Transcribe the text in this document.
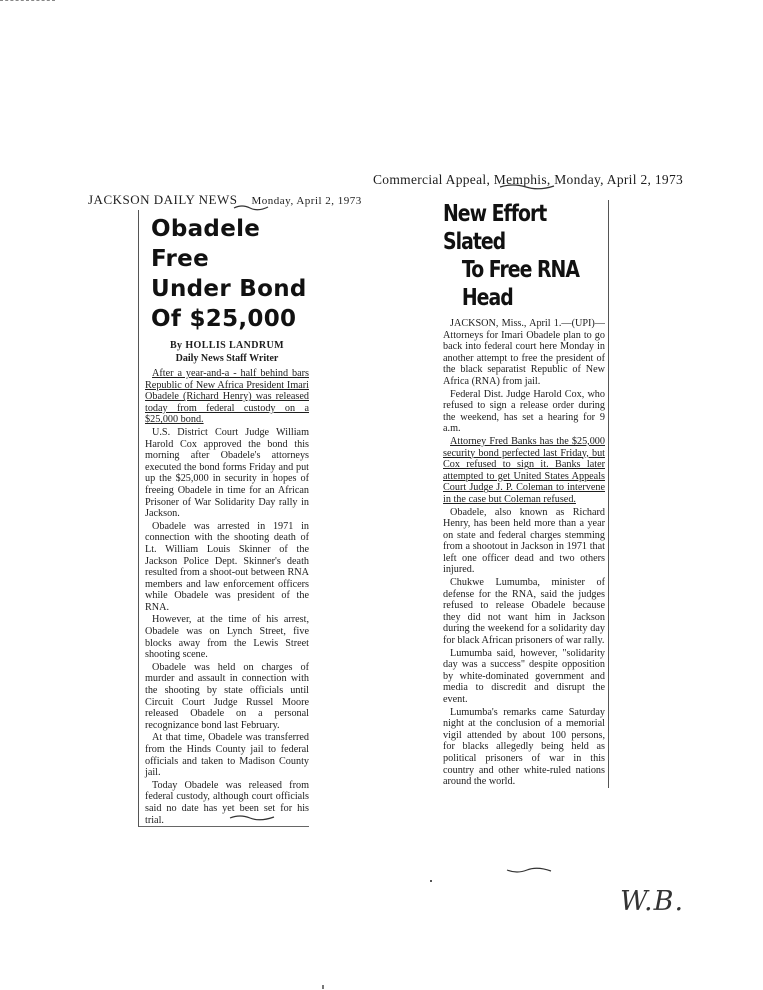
JACKSON DAILY NEWS Monday, April 2, 1973
Commercial Appeal, Memphis, Monday, April 2, 1973
Obadele Free
Under Bond
Of $25,000
By HOLLIS LANDRUM
Daily News Staff Writer

After a year-and-a - half behind bars Republic of New Africa President Imari Obadele (Richard Henry) was released today from federal custody on a $25,000 bond.

U.S. District Court Judge William Harold Cox approved the bond this morning after Obadele's attorneys executed the bond forms Friday and put up the $25,000 in security in hopes of freeing Obadele in time for an African Prisoner of War Solidarity Day rally in Jackson.

Obadele was arrested in 1971 in connection with the shooting death of Lt. William Louis Skinner of the Jackson Police Dept. Skinner's death resulted from a shoot-out between RNA members and law enforcement officers while Obadele was president of the RNA.

However, at the time of his arrest, Obadele was on Lynch Street, five blocks away from the Lewis Street shooting scene.

Obadele was held on charges of murder and assault in connection with the shooting by state officials until Circuit Court Judge Russel Moore released Obadele on a personal recognizance bond last February.

At that time, Obadele was transferred from the Hinds County jail to federal officials and taken to Madison County jail.

Today Obadele was released from federal custody, although court officials said no date has yet been set for his trial.

New Effort Slated
To Free RNA Head

JACKSON, Miss., April 1.—(UPI)—Attorneys for Imari Obadele plan to go back into federal court here Monday in another attempt to free the president of the black separatist Republic of New Africa (RNA) from jail.

Federal Dist. Judge Harold Cox, who refused to sign a release order during the weekend, has set a hearing for 9 a.m.

Attorney Fred Banks has the $25,000 security bond perfected last Friday, but Cox refused to sign it. Banks later attempted to get United States Appeals Court Judge J. P. Coleman to intervene in the case but Coleman refused.

Obadele, also known as Richard Henry, has been held more than a year on state and federal charges stemming from a shootout in Jackson in 1971 that left one officer dead and two others injured.

Chukwe Lumumba, minister of defense for the RNA, said the judges refused to release Obadele because they did not want him in Jackson during the weekend for a solidarity day for black African prisoners of war rally.

Lumumba said, however, "solidarity day was a success" despite opposition by white-dominated government and media to discredit and disrupt the event.

Lumumba's remarks came Saturday night at the conclusion of a memorial vigil attended by about 100 persons, for blacks allegedly being held as political prisoners of war in this country and other white-ruled nations around the world.

W.B.
